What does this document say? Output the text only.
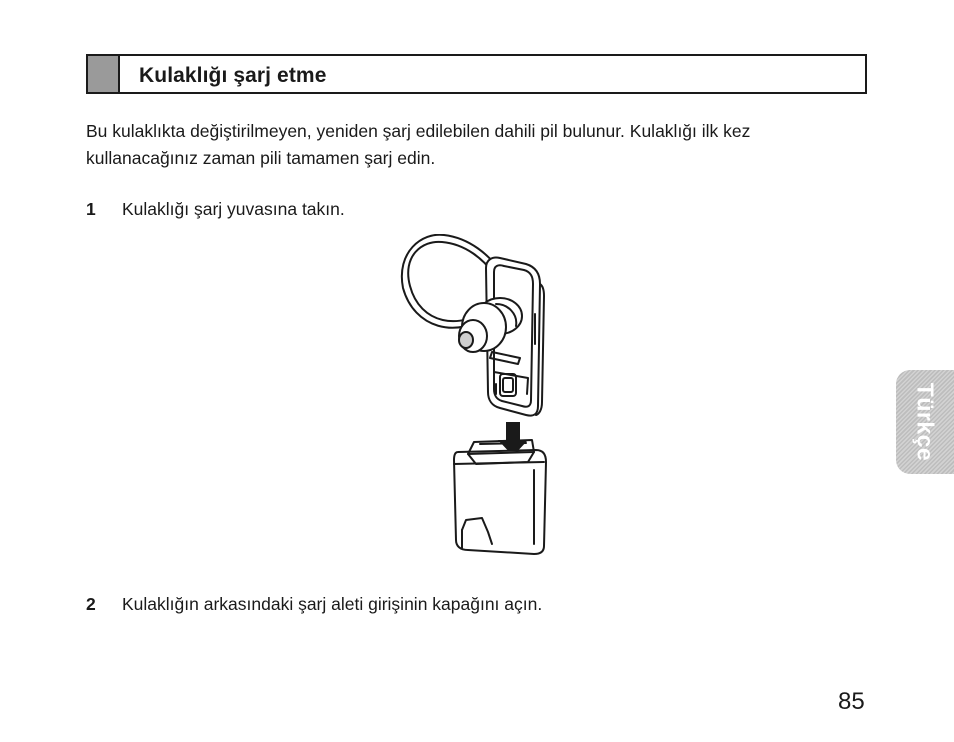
Kulaklığı şarj etme
Bu kulaklıkta değiştirilmeyen, yeniden şarj edilebilen dahili pil bulunur. Kulaklığı ilk kez kullanacağınız zaman pili tamamen şarj edin.
1 Kulaklığı şarj yuvasına takın.
2 Kulaklığın arkasındaki şarj aleti girişinin kapağını açın.
Türkçe
85
